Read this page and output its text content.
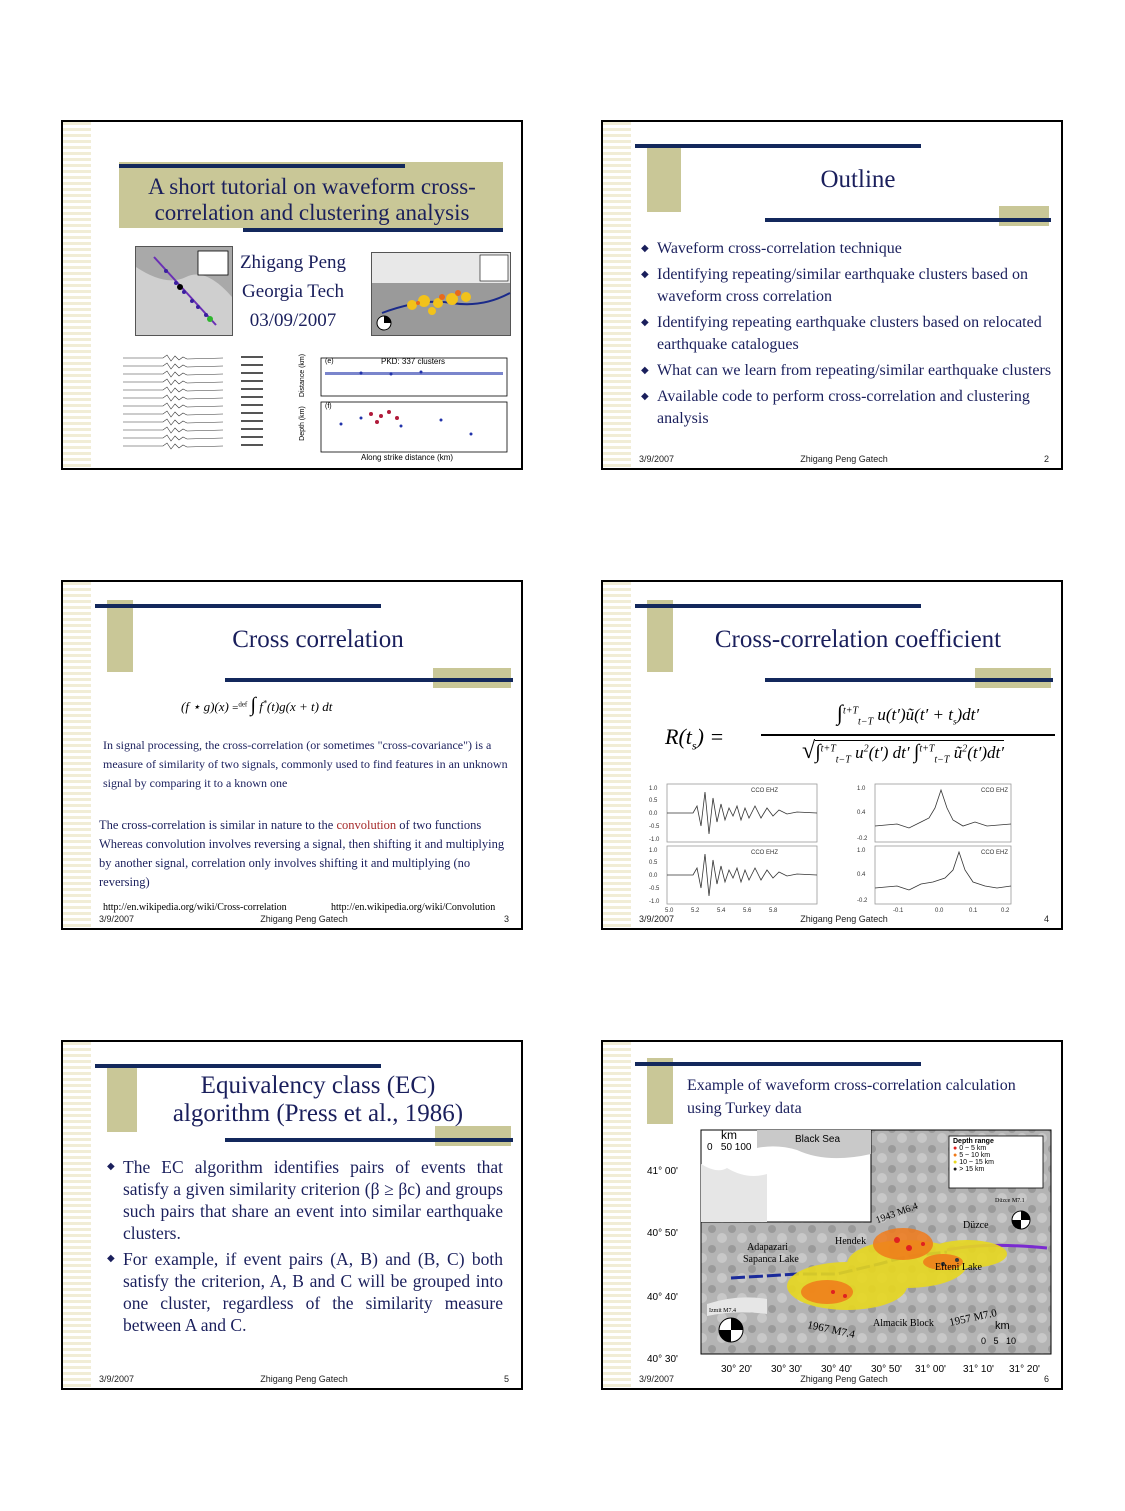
A short tutorial on waveform cross-correlation and clustering analysis
Zhigang Peng
Georgia Tech
03/09/2007
PKD: 337 clusters
(e)
(f)
Distance (km)
Depth (km)
Along strike distance (km)
Outline
◆ Waveform cross-correlation technique
◆ Identifying repeating/similar earthquake clusters based on waveform cross correlation
◆ Identifying repeating earthquake clusters based on relocated earthquake catalogues
◆ What can we learn from repeating/similar earthquake clusters
◆ Available code to perform cross-correlation and clustering analysis
3/9/2007	Zhigang Peng Gatech	2
Cross correlation
(f ⋆ g)(x) =$^{def}$ ∫ f*(t)g(x + t) dt
In signal processing, the cross-correlation (or sometimes "cross-covariance") is a measure of similarity of two signals, commonly used to find features in an unknown signal by comparing it to a known one
The cross-correlation is similar in nature to the convolution of two functions Whereas convolution involves reversing a signal, then shifting it and multiplying by another signal, correlation only involves shifting it and multiplying (no reversing)
http://en.wikipedia.org/wiki/Cross-correlation	http://en.wikipedia.org/wiki/Convolution
3/9/2007	Zhigang Peng Gatech	3
Cross-correlation coefficient
$R(t_s)$ =
∫$^{t+T}_{t-T}$ u(t′)ũ(t′ + $t_s)dt'$
√∫$^{t+T}_{t-T}$ $u^2(t')$ dt′ ∫$^{t+T}_{t-T}$ $ũ^2(t')dt'$
1.0
0.5
0.0
-0.5
-1.0
1.0
0.5
0.0
-0.5
-1.0
5.0	5.2	5.4	5.6	5.8
CCO EHZ
CCO EHZ
1.0
0.4
-0.2
1.0
0.4
-0.2
-0.1	0.0	0.1	0.2
CCO EHZ
CCO EHZ
3/9/2007	Zhigang Peng Gatech	4
Equivalency class (EC)
algorithm (Press et al., 1986)
◆ The EC algorithm identifies pairs of events that satisfy a given similarity criterion (β ≥ βc) and groups such pairs that share an event into similar earthquake clusters.
◆ For example, if event pairs (A, B) and (B, C) both satisfy the criterion, A, B and C will be grouped into one cluster, regardless of the similarity measure between A and C.
3/9/2007	Zhigang Peng Gatech	5
Example of waveform cross-correlation calculation using Turkey data
km
0   50 100
Black Sea
41° 00'
40° 50'
40° 40'
40° 30'
30° 20' 30° 30' 30° 40' 30° 50' 31° 00' 31° 10' 31° 20'
Adapazari
Sapanca Lake
Hendek
Düzce
Efteni Lake
Almacik Block
1943 M6.4
1967 M7.4
1957 M7.0
Düzce M7.1
Izmit M7.4
Depth range
● 0 ~ 5 km
● 5 ~ 10 km
● 10 ~ 15 km
● > 15 km
km
0   5   10
3/9/2007	Zhigang Peng Gatech	6
